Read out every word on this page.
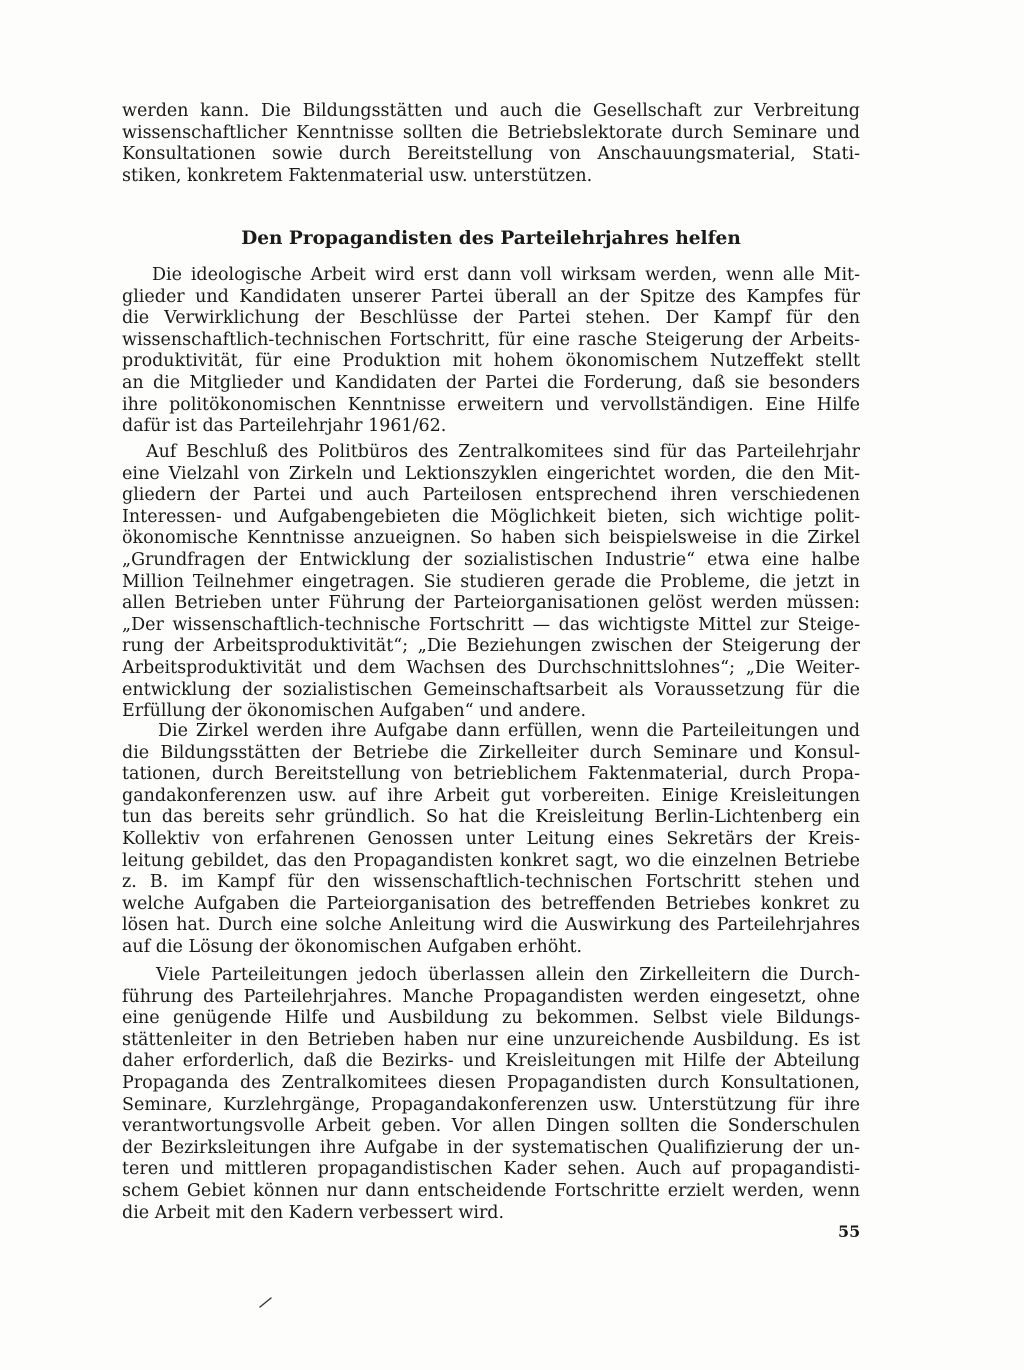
werden kann. Die Bildungsstätten und auch die Gesellschaft zur Verbreitung
wissenschaftlicher Kenntnisse sollten die Betriebslektorate durch Seminare und
Konsultationen sowie durch Bereitstellung von Anschauungsmaterial, Stati-
stiken, konkretem Faktenmaterial usw. unterstützen.
Den Propagandisten des Parteilehrjahres helfen
Die ideologische Arbeit wird erst dann voll wirksam werden, wenn alle Mit-
glieder und Kandidaten unserer Partei überall an der Spitze des Kampfes für
die Verwirklichung der Beschlüsse der Partei stehen. Der Kampf für den
wissenschaftlich-technischen Fortschritt, für eine rasche Steigerung der Arbeits-
produktivität, für eine Produktion mit hohem ökonomischem Nutzeffekt stellt
an die Mitglieder und Kandidaten der Partei die Forderung, daß sie besonders
ihre politökonomischen Kenntnisse erweitern und vervollständigen. Eine Hilfe
dafür ist das Parteilehrjahr 1961/62.
Auf Beschluß des Politbüros des Zentralkomitees sind für das Parteilehrjahr
eine Vielzahl von Zirkeln und Lektionszyklen eingerichtet worden, die den Mit-
gliedern der Partei und auch Parteilosen entsprechend ihren verschiedenen
Interessen- und Aufgabengebieten die Möglichkeit bieten, sich wichtige polit-
ökonomische Kenntnisse anzueignen. So haben sich beispielsweise in die Zirkel
„Grundfragen der Entwicklung der sozialistischen Industrie“ etwa eine halbe
Million Teilnehmer eingetragen. Sie studieren gerade die Probleme, die jetzt in
allen Betrieben unter Führung der Parteiorganisationen gelöst werden müssen:
„Der wissenschaftlich-technische Fortschritt — das wichtigste Mittel zur Steige-
rung der Arbeitsproduktivität“; „Die Beziehungen zwischen der Steigerung der
Arbeitsproduktivität und dem Wachsen des Durchschnittslohnes“; „Die Weiter-
entwicklung der sozialistischen Gemeinschaftsarbeit als Voraussetzung für die
Erfüllung der ökonomischen Aufgaben“ und andere.
Die Zirkel werden ihre Aufgabe dann erfüllen, wenn die Parteileitungen und
die Bildungsstätten der Betriebe die Zirkelleiter durch Seminare und Konsul-
tationen, durch Bereitstellung von betrieblichem Faktenmaterial, durch Propa-
gandakonferenzen usw. auf ihre Arbeit gut vorbereiten. Einige Kreisleitungen
tun das bereits sehr gründlich. So hat die Kreisleitung Berlin-Lichtenberg ein
Kollektiv von erfahrenen Genossen unter Leitung eines Sekretärs der Kreis-
leitung gebildet, das den Propagandisten konkret sagt, wo die einzelnen Betriebe
z. B. im Kampf für den wissenschaftlich-technischen Fortschritt stehen und
welche Aufgaben die Parteiorganisation des betreffenden Betriebes konkret zu
lösen hat. Durch eine solche Anleitung wird die Auswirkung des Parteilehrjahres
auf die Lösung der ökonomischen Aufgaben erhöht.
Viele Parteileitungen jedoch überlassen allein den Zirkelleitern die Durch-
führung des Parteilehrjahres. Manche Propagandisten werden eingesetzt, ohne
eine genügende Hilfe und Ausbildung zu bekommen. Selbst viele Bildungs-
stättenleiter in den Betrieben haben nur eine unzureichende Ausbildung. Es ist
daher erforderlich, daß die Bezirks- und Kreisleitungen mit Hilfe der Abteilung
Propaganda des Zentralkomitees diesen Propagandisten durch Konsultationen,
Seminare, Kurzlehrgänge, Propagandakonferenzen usw. Unterstützung für ihre
verantwortungsvolle Arbeit geben. Vor allen Dingen sollten die Sonderschulen
der Bezirksleitungen ihre Aufgabe in der systematischen Qualifizierung der un-
teren und mittleren propagandistischen Kader sehen. Auch auf propagandisti-
schem Gebiet können nur dann entscheidende Fortschritte erzielt werden, wenn
die Arbeit mit den Kadern verbessert wird.

55
